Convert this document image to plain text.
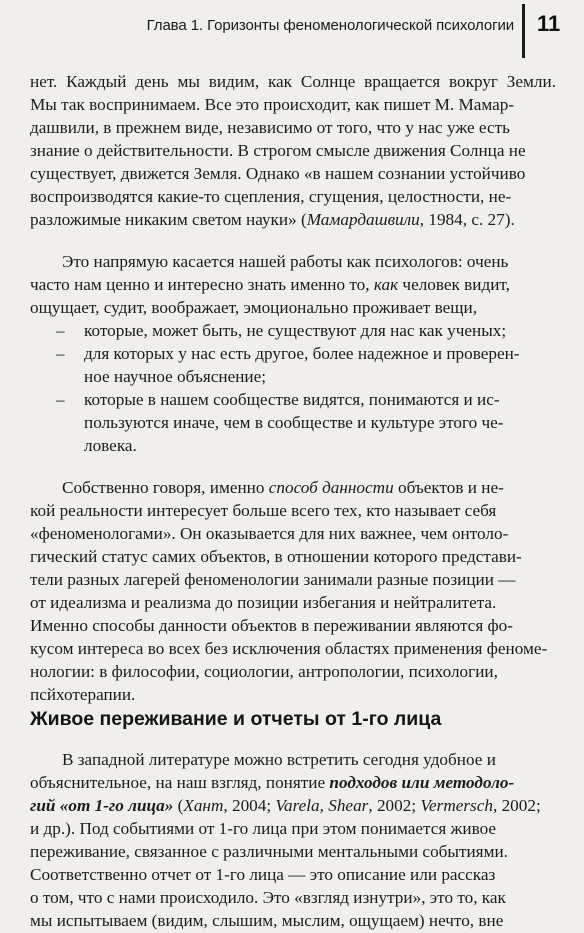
Глава 1. Горизонты феноменологической психологии 11
нет. Каждый день мы видим, как Солнце вращается вокруг Земли.
Мы так воспринимаем. Все это происходит, как пишет М. Мамар-
дашвили, в прежнем виде, независимо от того, что у нас уже есть
знание о действительности. В строгом смысле движения Солнца не
существует, движется Земля. Однако «в нашем сознании устойчиво
воспроизводятся какие-то сцепления, сгущения, целостности, не-
разложимые никаким светом науки» (Мамардашвили, 1984, с. 27).
Это напрямую касается нашей работы как психологов: очень
часто нам ценно и интересно знать именно то, как человек видит,
ощущает, судит, воображает, эмоционально проживает вещи,
– которые, может быть, не существуют для нас как ученых;
– для которых у нас есть другое, более надежное и проверен-
ное научное объяснение;
– которые в нашем сообществе видятся, понимаются и ис-
пользуются иначе, чем в сообществе и культуре этого че-
ловека.
Собственно говоря, именно способ данности объектов и не-
кой реальности интересует больше всего тех, кто называет себя
«феноменологами». Он оказывается для них важнее, чем онтоло-
гический статус самих объектов, в отношении которого представи-
тели разных лагерей феноменологии занимали разные позиции —
от идеализма и реализма до позиции избегания и нейтралитета.
Именно способы данности объектов в переживании являются фо-
кусом интереса во всех без исключения областях применения феноме-
нологии: в философии, социологии, антропологии, психологии,
псйхотерапии.
Живое переживание и отчеты от 1-го лица
В западной литературе можно встретить сегодня удобное и
объяснительное, на наш взгляд, понятие подходов или методоло-
гий «от 1-го лица» (Хант, 2004; Varela, Shear, 2002; Vermersch, 2002;
и др.). Под событиями от 1-го лица при этом понимается живое
переживание, связанное с различными ментальными событиями.
Соответственно отчет от 1-го лица — это описание или рассказ
о том, что с нами происходило. Это «взгляд изнутри», это то, как
мы испытываем (видим, слышим, мыслим, ощущаем) нечто, вне
